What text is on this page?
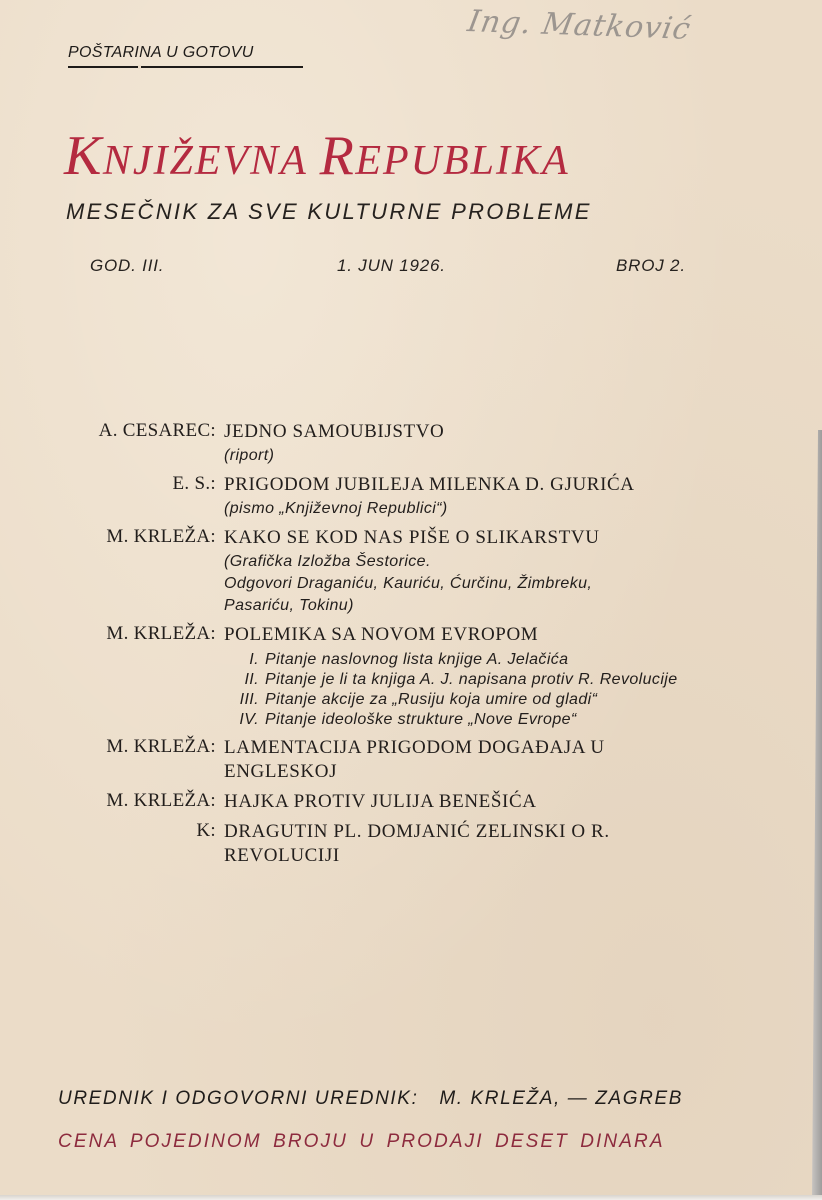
POŠTARINA U GOTOVU
Ing. Matković
KNJIŽEVNA REPUBLIKA
MESEČNIK ZA SVE KULTURNE PROBLEME
GOD. III.	1. JUN 1926.	BROJ 2.
A. CESAREC: JEDNO SAMOUBIJSTVO
(riport)
E. S.: PRIGODOM JUBILEJA MILENKA D. GJURIĆA
(pismo „Književnoj Republici“)
M. KRLEŽA: KAKO SE KOD NAS PIŠE O SLIKARSTVU
(Grafička Izložba Šestorice.
Odgovori Draganiću, Kauriću, Ćurčinu, Žimbreku,
Pasariću, Tokinu)
M. KRLEŽA: POLEMIKA SA NOVOM EVROPOM
I. Pitanje naslovnog lista knjige A. Jelačića
II. Pitanje je li ta knjiga A. J. napisana protiv R. Revolucije
III. Pitanje akcije za „Rusiju koja umire od gladi“
IV. Pitanje ideološke strukture „Nove Evrope“
M. KRLEŽA: LAMENTACIJA PRIGODOM DOGAĐAJA U ENGLESKOJ
M. KRLEŽA: HAJKA PROTIV JULIJA BENEŠIĆA
K: DRAGUTIN PL. DOMJANIĆ ZELINSKI O R. REVOLUCIJI
UREDNIK I ODGOVORNI UREDNIK: M. KRLEŽA, — ZAGREB
CENA POJEDINOM BROJU U PRODAJI DESET DINARA
